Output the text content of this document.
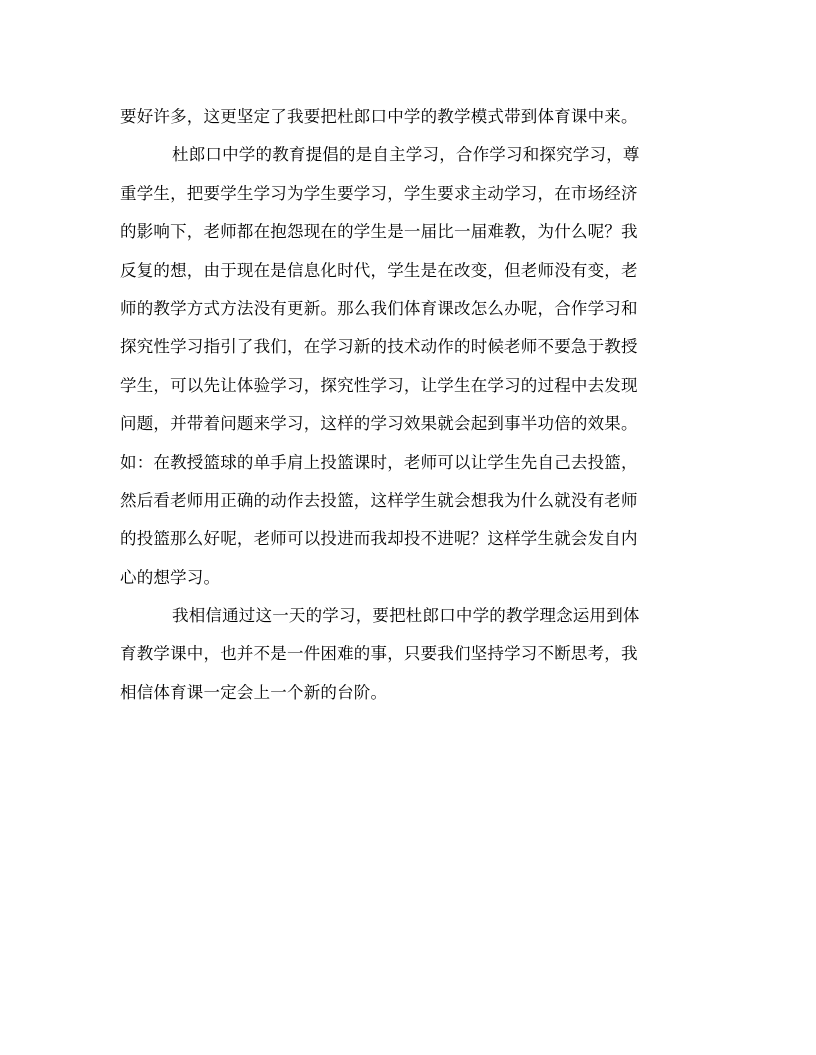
要好许多，这更坚定了我要把杜郎口中学的教学模式带到体育课中来。
杜郎口中学的教育提倡的是自主学习，合作学习和探究学习，尊
重学生，把要学生学习为学生要学习，学生要求主动学习，在市场经济
的影响下，老师都在抱怨现在的学生是一届比一届难教，为什么呢？我
反复的想，由于现在是信息化时代，学生是在改变，但老师没有变，老
师的教学方式方法没有更新。那么我们体育课改怎么办呢，合作学习和
探究性学习指引了我们，在学习新的技术动作的时候老师不要急于教授
学生，可以先让体验学习，探究性学习，让学生在学习的过程中去发现
问题，并带着问题来学习，这样的学习效果就会起到事半功倍的效果。
如：在教授篮球的单手肩上投篮课时，老师可以让学生先自己去投篮，
然后看老师用正确的动作去投篮，这样学生就会想我为什么就没有老师
的投篮那么好呢，老师可以投进而我却投不进呢？这样学生就会发自内
心的想学习。
我相信通过这一天的学习，要把杜郎口中学的教学理念运用到体
育教学课中，也并不是一件困难的事，只要我们坚持学习不断思考，我
相信体育课一定会上一个新的台阶。
